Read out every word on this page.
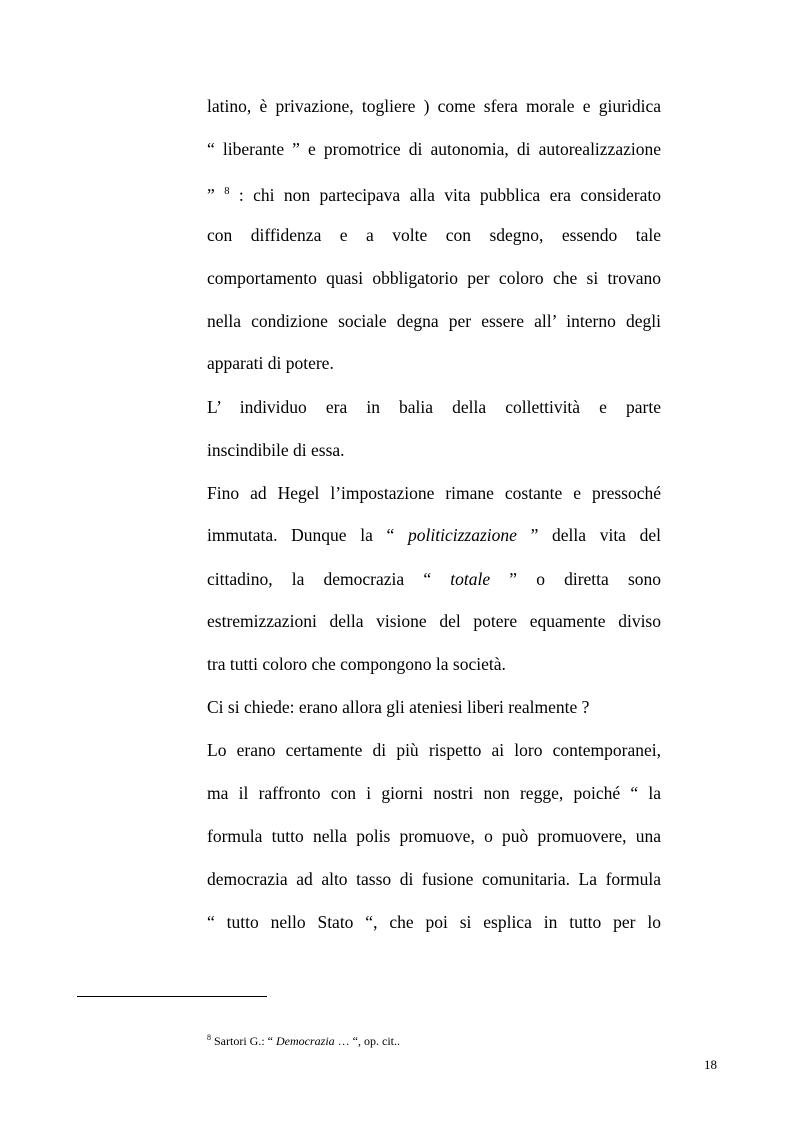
latino, è privazione, togliere ) come sfera morale e giuridica
“ liberante ” e promotrice di autonomia, di autorealizzazione
” $^8$ : chi non partecipava alla vita pubblica era considerato
con diffidenza e a volte con sdegno, essendo tale
comportamento quasi obbligatorio per coloro che si trovano
nella condizione sociale degna per essere all’ interno degli
apparati di potere.
L’ individuo era in balia della collettività e parte
inscindibile di essa.
Fino ad Hegel l’impostazione rimane costante e pressoché
immutata. Dunque la “ politicizzazione ” della vita del
cittadino, la democrazia “ totale ” o diretta sono
estremizzazioni della visione del potere equamente diviso
tra tutti coloro che compongono la società.
Ci si chiede: erano allora gli ateniesi liberi realmente ?
Lo erano certamente di più rispetto ai loro contemporanei,
ma il raffronto con i giorni nostri non regge, poiché “ la
formula tutto nella polis promuove, o può promuovere, una
democrazia ad alto tasso di fusione comunitaria. La formula
“ tutto nello Stato “, che poi si esplica in tutto per lo
$^8$ Sartori G.: “ Democrazia … “, op. cit..
18
